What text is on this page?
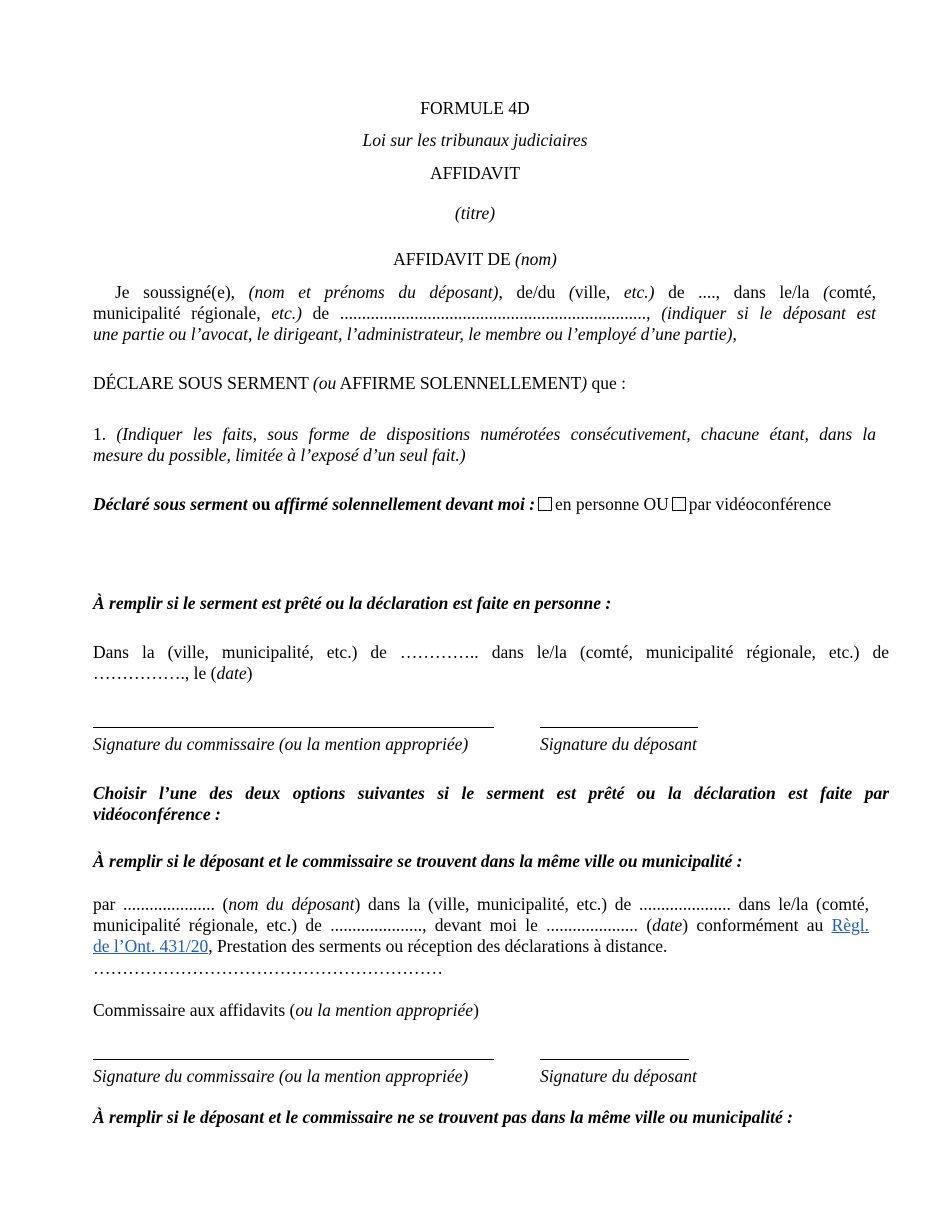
FORMULE 4D
Loi sur les tribunaux judiciaires
AFFIDAVIT
(titre)
AFFIDAVIT DE (nom)
Je soussigné(e), (nom et prénoms du déposant), de/du (ville, etc.) de ...., dans le/la (comté,
municipalité régionale, etc.) de ......................................................................, (indiquer si le déposant est
une partie ou l’avocat, le dirigeant, l’administrateur, le membre ou l’employé d’une partie),
DÉCLARE SOUS SERMENT (ou AFFIRME SOLENNELLEMENT) que :
1. (Indiquer les faits, sous forme de dispositions numérotées consécutivement, chacune étant, dans la
mesure du possible, limitée à l’exposé d’un seul fait.)
Déclaré sous serment ou affirmé solennellement devant moi : en personne OU par vidéoconférence
À remplir si le serment est prêté ou la déclaration est faite en personne :
Dans la (ville, municipalité, etc.) de ………….. dans le/la (comté, municipalité régionale, etc.) de
……………., le (date)
Signature du commissaire (ou la mention appropriée)	Signature du déposant
Choisir l’une des deux options suivantes si le serment est prêté ou la déclaration est faite par
vidéoconférence :
À remplir si le déposant et le commissaire se trouvent dans la même ville ou municipalité :
par ..................... (nom du déposant) dans la (ville, municipalité, etc.) de ..................... dans le/la (comté,
municipalité régionale, etc.) de ....................., devant moi le ..................... (date) conformément au Règl.
de l’Ont. 431/20, Prestation des serments ou réception des déclarations à distance.
……………………………………………………
Commissaire aux affidavits (ou la mention appropriée)
Signature du commissaire (ou la mention appropriée)	Signature du déposant
À remplir si le déposant et le commissaire ne se trouvent pas dans la même ville ou municipalité :
